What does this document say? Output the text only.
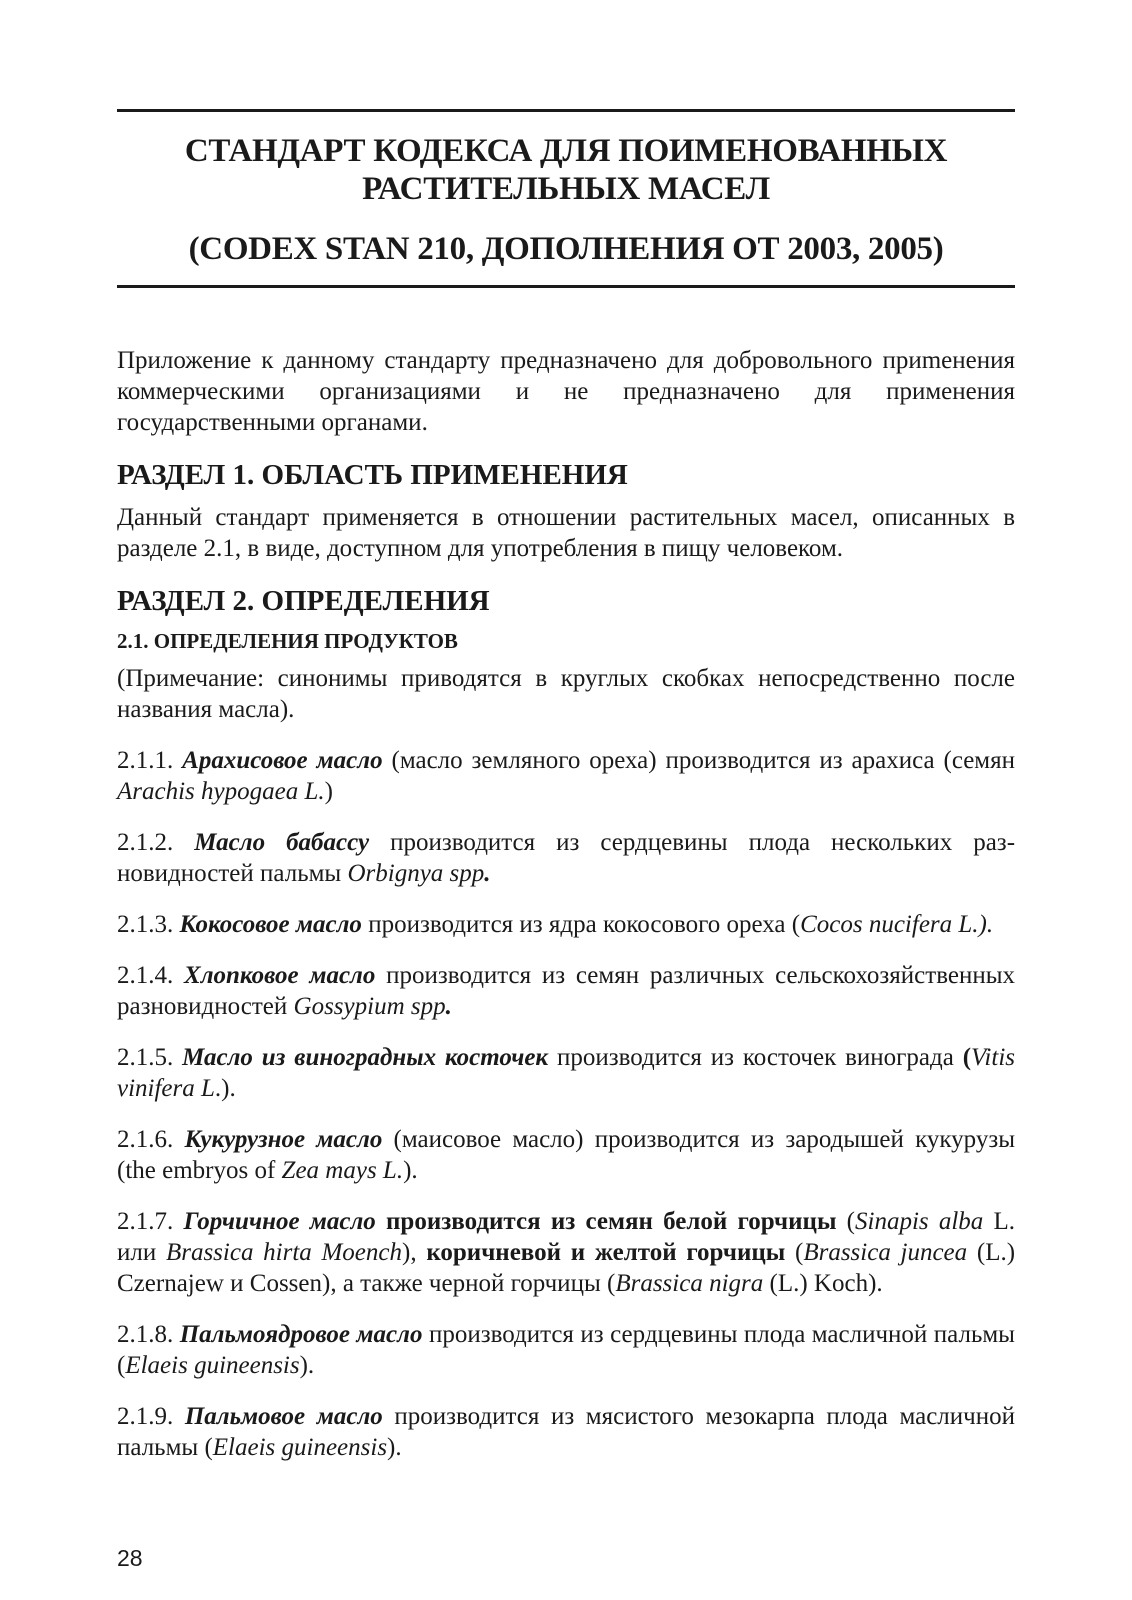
СТАНДАРТ КОДЕКСА ДЛЯ ПОИМЕНОВАННЫХ
РАСТИТЕЛЬНЫХ МАСЕЛ
(CODEX STAN 210, ДОПОЛНЕНИЯ ОТ 2003, 2005)

Приложение к данному стандарту предназначено для добровольного приmенения коммерческими организациями и не предназначено для применения государственными органами.

РАЗДЕЛ 1. ОБЛАСТЬ ПРИМЕНЕНИЯ

Данный стандарт применяется в отношении растительных масел, описанных в разделе 2.1, в виде, доступном для употребления в пищу человеком.

РАЗДЕЛ 2. ОПРЕДЕЛЕНИЯ
2.1. ОПРЕДЕЛЕНИЯ ПРОДУКТОВ

(Примечание: синонимы приводятся в круглых скобках непосредственно после названия масла).

2.1.1. Арахисовое масло (масло земляного ореха) производится из арахиса (семян Arachis hypogaea L.)

2.1.2. Масло бабассу производится из сердцевины плода нескольких разновидностей пальмы Orbignya spp.

2.1.3. Кокосовое масло производится из ядра кокосового ореха (Cocos nucifera L.).

2.1.4. Хлопковое масло производится из семян различных сельскохозяйственных разновидностей Gossypium spp.

2.1.5. Масло из виноградных косточек производится из косточек винограда (Vitis vinifera L.).

2.1.6. Кукурузное масло (маисовое масло) производится из зародышей кукурузы (the embryos of Zea mays L.).

2.1.7. Горчичное масло производится из семян белой горчицы (Sinapis alba L. или Brassica hirta Moench), коричневой и желтой горчицы (Brassica juncea (L.) Czernajew и Cossen), а также черной горчицы (Brassica nigra (L.) Koch).

2.1.8. Пальмоядровое масло производится из сердцевины плода масличной пальмы (Elaeis guineensis).

2.1.9. Пальмовое масло производится из мясистого мезокарпа плода масличной пальмы (Elaeis guineensis).

28
